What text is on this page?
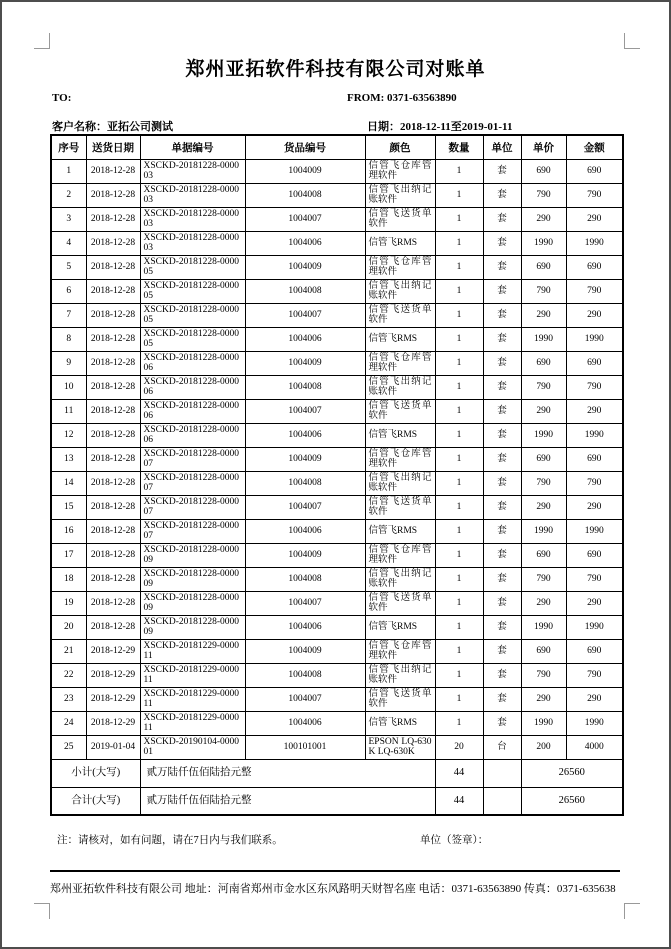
郑州亚拓软件科技有限公司对账单
TO:	FROM: 0371-63563890
客户名称：亚拓公司测试	日期：2018-12-11至2019-01-11
序号	送货日期	单据编号	货品编号	颜色	数量	单位	单价	金额
1	2018-12-28	XSCKD-20181228-000003	1004009	信管飞仓库管理软件	1	套	690	690
2	2018-12-28	XSCKD-20181228-000003	1004008	信管飞出纳记账软件	1	套	790	790
3	2018-12-28	XSCKD-20181228-000003	1004007	信管飞送货单软件	1	套	290	290
4	2018-12-28	XSCKD-20181228-000003	1004006	信管飞RMS	1	套	1990	1990
5	2018-12-28	XSCKD-20181228-000005	1004009	信管飞仓库管理软件	1	套	690	690
6	2018-12-28	XSCKD-20181228-000005	1004008	信管飞出纳记账软件	1	套	790	790
7	2018-12-28	XSCKD-20181228-000005	1004007	信管飞送货单软件	1	套	290	290
8	2018-12-28	XSCKD-20181228-000005	1004006	信管飞RMS	1	套	1990	1990
9	2018-12-28	XSCKD-20181228-000006	1004009	信管飞仓库管理软件	1	套	690	690
10	2018-12-28	XSCKD-20181228-000006	1004008	信管飞出纳记账软件	1	套	790	790
11	2018-12-28	XSCKD-20181228-000006	1004007	信管飞送货单软件	1	套	290	290
12	2018-12-28	XSCKD-20181228-000006	1004006	信管飞RMS	1	套	1990	1990
13	2018-12-28	XSCKD-20181228-000007	1004009	信管飞仓库管理软件	1	套	690	690
14	2018-12-28	XSCKD-20181228-000007	1004008	信管飞出纳记账软件	1	套	790	790
15	2018-12-28	XSCKD-20181228-000007	1004007	信管飞送货单软件	1	套	290	290
16	2018-12-28	XSCKD-20181228-000007	1004006	信管飞RMS	1	套	1990	1990
17	2018-12-28	XSCKD-20181228-000009	1004009	信管飞仓库管理软件	1	套	690	690
18	2018-12-28	XSCKD-20181228-000009	1004008	信管飞出纳记账软件	1	套	790	790
19	2018-12-28	XSCKD-20181228-000009	1004007	信管飞送货单软件	1	套	290	290
20	2018-12-28	XSCKD-20181228-000009	1004006	信管飞RMS	1	套	1990	1990
21	2018-12-29	XSCKD-20181229-000011	1004009	信管飞仓库管理软件	1	套	690	690
22	2018-12-29	XSCKD-20181229-000011	1004008	信管飞出纳记账软件	1	套	790	790
23	2018-12-29	XSCKD-20181229-000011	1004007	信管飞送货单软件	1	套	290	290
24	2018-12-29	XSCKD-20181229-000011	1004006	信管飞RMS	1	套	1990	1990
25	2019-01-04	XSCKD-20190104-000001	100101001	EPSON LQ-630K LQ-630K	20	台	200	4000
小计(大写)		贰万陆仟伍佰陆拾元整			44		26560	
合计(大写)		贰万陆仟伍佰陆拾元整			44		26560	
注：请核对，如有问题，请在7日内与我们联系。	单位（签章）：
郑州亚拓软件科技有限公司 地址：河南省郑州市金水区东风路明天财智名座 电话：0371-63563890 传真：0371-635638
